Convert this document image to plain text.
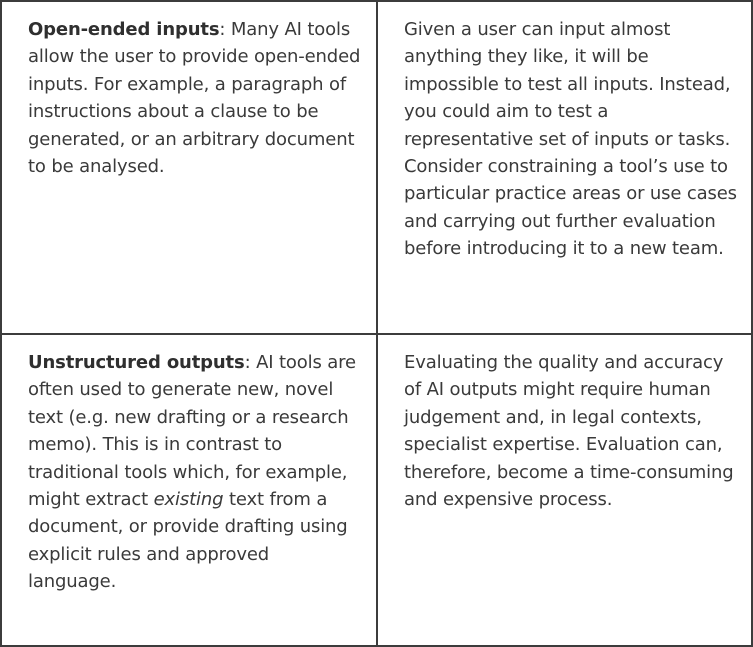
Open-ended inputs: Many AI tools allow the user to provide open-ended inputs. For example, a paragraph of instructions about a clause to be generated, or an arbitrary document to be analysed.
Given a user can input almost anything they like, it will be impossible to test all inputs. Instead, you could aim to test a representative set of inputs or tasks. Consider constraining a tool’s use to particular practice areas or use cases and carrying out further evaluation before introducing it to a new team.
Unstructured outputs: AI tools are often used to generate new, novel text (e.g. new drafting or a research memo). This is in contrast to traditional tools which, for example, might extract existing text from a document, or provide drafting using explicit rules and approved language.
Evaluating the quality and accuracy of AI outputs might require human judgement and, in legal contexts, specialist expertise. Evaluation can, therefore, become a time-consuming and expensive process.
